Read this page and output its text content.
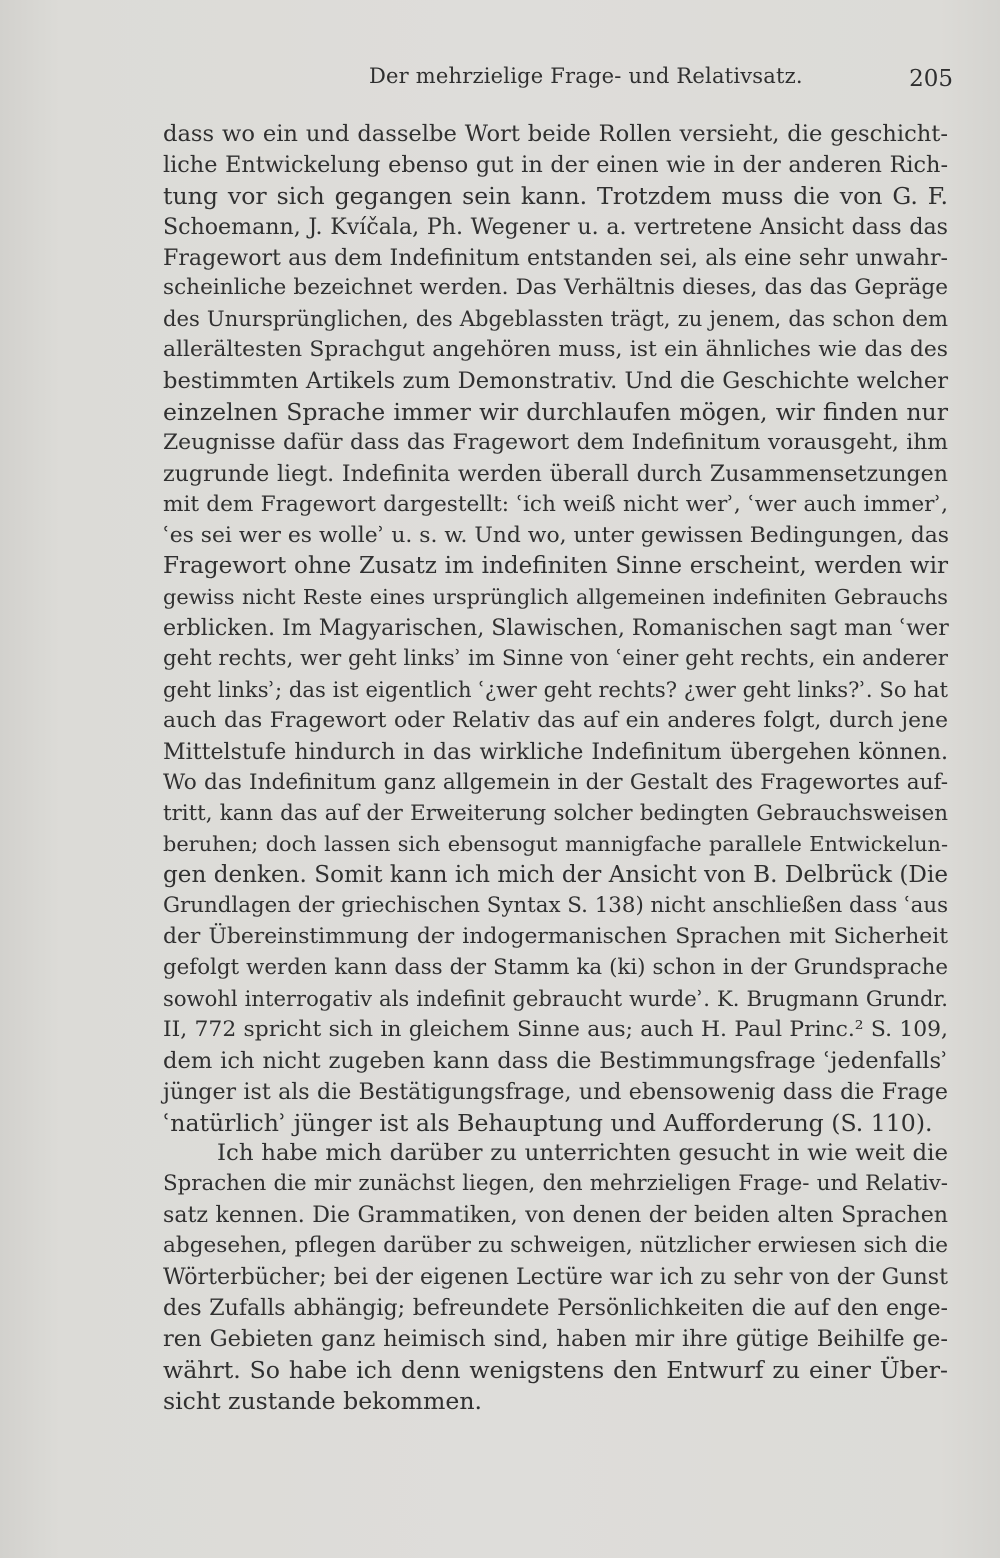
Der mehrzielige Frage- und Relativsatz.	205
dass wo ein und dasselbe Wort beide Rollen versieht, die geschicht-
liche Entwickelung ebenso gut in der einen wie in der anderen Rich-
tung vor sich gegangen sein kann. Trotzdem muss die von G. F.
Schoemann, J. Kvíčala, Ph. Wegener u. a. vertretene Ansicht dass das
Fragewort aus dem Indefinitum entstanden sei, als eine sehr unwahr-
scheinliche bezeichnet werden. Das Verhältnis dieses, das das Gepräge
des Unursprünglichen, des Abgeblassten trägt, zu jenem, das schon dem
allerältesten Sprachgut angehören muss, ist ein ähnliches wie das des
bestimmten Artikels zum Demonstrativ. Und die Geschichte welcher
einzelnen Sprache immer wir durchlaufen mögen, wir finden nur
Zeugnisse dafür dass das Fragewort dem Indefinitum vorausgeht, ihm
zugrunde liegt. Indefinita werden überall durch Zusammensetzungen
mit dem Fragewort dargestellt: ʿich weiß nicht werʾ, ʿwer auch immerʾ,
ʿes sei wer es wolleʾ u. s. w. Und wo, unter gewissen Bedingungen, das
Fragewort ohne Zusatz im indefiniten Sinne erscheint, werden wir
gewiss nicht Reste eines ursprünglich allgemeinen indefiniten Gebrauchs
erblicken. Im Magyarischen, Slawischen, Romanischen sagt man ʿwer
geht rechts, wer geht linksʾ im Sinne von ʿeiner geht rechts, ein anderer
geht linksʾ; das ist eigentlich ʿ¿wer geht rechts? ¿wer geht links?ʾ. So hat
auch das Fragewort oder Relativ das auf ein anderes folgt, durch jene
Mittelstufe hindurch in das wirkliche Indefinitum übergehen können.
Wo das Indefinitum ganz allgemein in der Gestalt des Fragewortes auf-
tritt, kann das auf der Erweiterung solcher bedingten Gebrauchsweisen
beruhen; doch lassen sich ebensogut mannigfache parallele Entwickelun-
gen denken. Somit kann ich mich der Ansicht von B. Delbrück (Die
Grundlagen der griechischen Syntax S. 138) nicht anschließen dass ʿaus
der Übereinstimmung der indogermanischen Sprachen mit Sicherheit
gefolgt werden kann dass der Stamm ka (ki) schon in der Grundsprache
sowohl interrogativ als indefinit gebraucht wurdeʾ. K. Brugmann Grundr.
II, 772 spricht sich in gleichem Sinne aus; auch H. Paul Princ.² S. 109,
dem ich nicht zugeben kann dass die Bestimmungsfrage ʿjedenfallsʾ
jünger ist als die Bestätigungsfrage, und ebensowenig dass die Frage
ʿnatürlichʾ jünger ist als Behauptung und Aufforderung (S. 110).
Ich habe mich darüber zu unterrichten gesucht in wie weit die
Sprachen die mir zunächst liegen, den mehrzieligen Frage- und Relativ-
satz kennen. Die Grammatiken, von denen der beiden alten Sprachen
abgesehen, pflegen darüber zu schweigen, nützlicher erwiesen sich die
Wörterbücher; bei der eigenen Lectüre war ich zu sehr von der Gunst
des Zufalls abhängig; befreundete Persönlichkeiten die auf den enge-
ren Gebieten ganz heimisch sind, haben mir ihre gütige Beihilfe ge-
währt. So habe ich denn wenigstens den Entwurf zu einer Über-
sicht zustande bekommen.
